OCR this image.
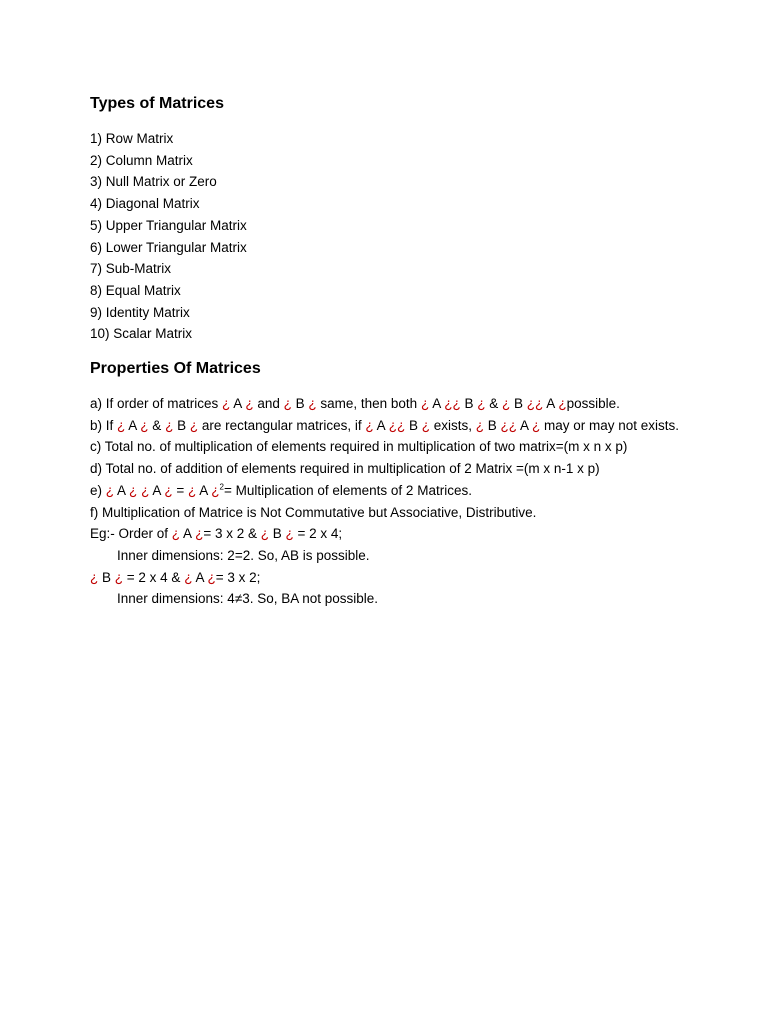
Types of Matrices
1) Row Matrix
2) Column Matrix
3) Null Matrix or Zero
4) Diagonal Matrix
5) Upper Triangular Matrix
6) Lower Triangular Matrix
7) Sub-Matrix
8) Equal Matrix
9) Identity Matrix
10) Scalar Matrix
Properties Of Matrices
a) If order of matrices ¿ A ¿ and ¿ B ¿ same, then both ¿ A ¿¿ B ¿ & ¿ B ¿¿ A ¿possible.
b) If ¿ A ¿ & ¿ B ¿ are rectangular matrices, if ¿ A ¿¿ B ¿ exists, ¿ B ¿¿ A ¿ may or may not exists.
c) Total no. of multiplication of elements required in multiplication of two matrix=(m x n x p)
d) Total no. of addition of elements required in multiplication of 2 Matrix =(m x n-1 x p)
e) ¿ A ¿ ¿ A ¿ = ¿ A ¿$^2$= Multiplication of elements of 2 Matrices.
f) Multiplication of Matrice is Not Commutative but Associative, Distributive.
Eg:- Order of ¿ A ¿= 3 x 2 & ¿ B ¿ = 2 x 4;
Inner dimensions: 2=2. So, AB is possible.
¿ B ¿ = 2 x 4 & ¿ A ¿= 3 x 2;
Inner dimensions: 4≠3. So, BA not possible.
